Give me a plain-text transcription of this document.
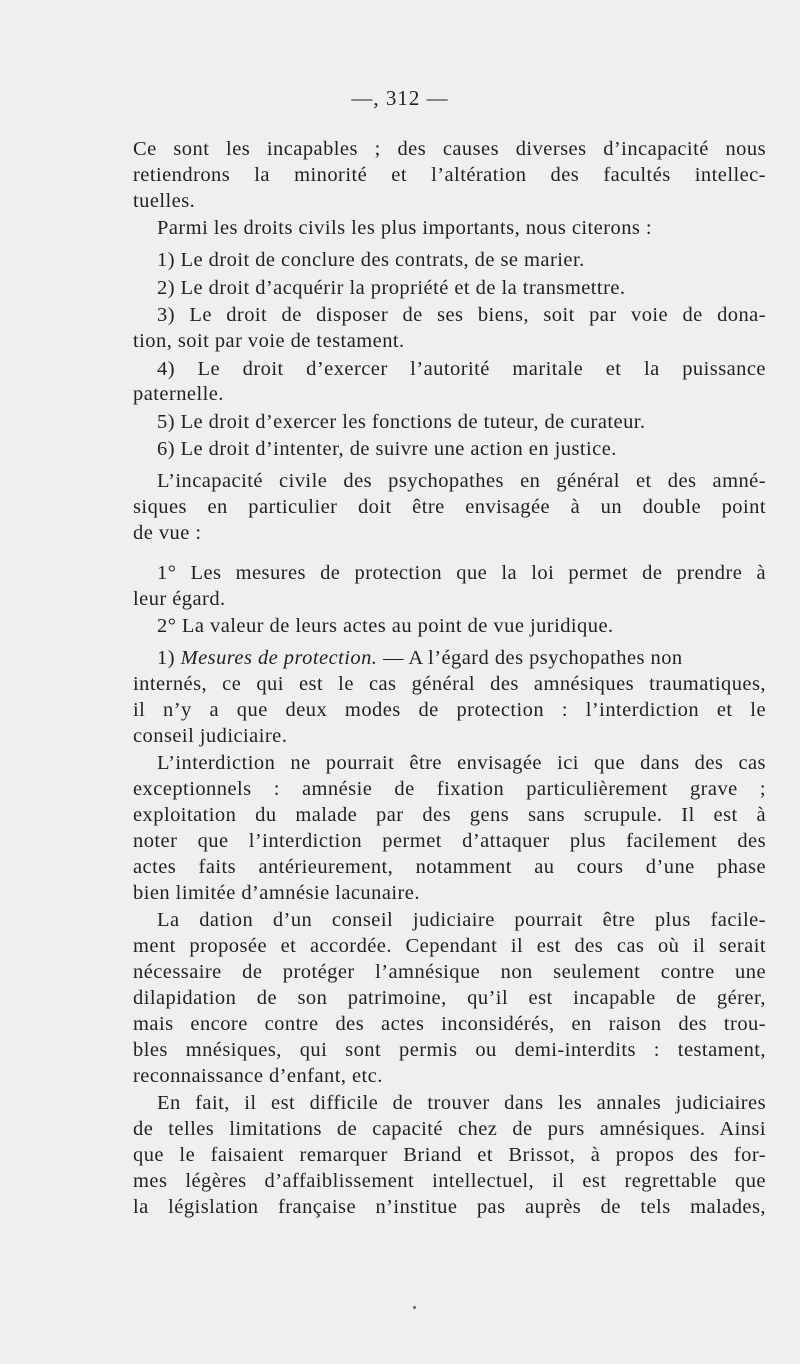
—, 312 —
Ce sont les incapables ; des causes diverses d’incapacité nous
retiendrons la minorité et l’altération des facultés intellec-
tuelles.
Parmi les droits civils les plus importants, nous citerons :
1) Le droit de conclure des contrats, de se marier.
2) Le droit d’acquérir la propriété et de la transmettre.
3) Le droit de disposer de ses biens, soit par voie de dona-
tion, soit par voie de testament.
4) Le droit d’exercer l’autorité maritale et la puissance
paternelle.
5) Le droit d’exercer les fonctions de tuteur, de curateur.
6) Le droit d’intenter, de suivre une action en justice.
L’incapacité civile des psychopathes en général et des amné-
siques en particulier doit être envisagée à un double point
de vue :
1° Les mesures de protection que la loi permet de prendre à
leur égard.
2° La valeur de leurs actes au point de vue juridique.
1) Mesures de protection. — A l’égard des psychopathes non
internés, ce qui est le cas général des amnésiques traumatiques,
il n’y a que deux modes de protection : l’interdiction et le
conseil judiciaire.
L’interdiction ne pourrait être envisagée ici que dans des cas
exceptionnels : amnésie de fixation particulièrement grave ;
exploitation du malade par des gens sans scrupule. Il est à
noter que l’interdiction permet d’attaquer plus facilement des
actes faits antérieurement, notamment au cours d’une phase
bien limitée d’amnésie lacunaire.
La dation d’un conseil judiciaire pourrait être plus facile-
ment proposée et accordée. Cependant il est des cas où il serait
nécessaire de protéger l’amnésique non seulement contre une
dilapidation de son patrimoine, qu’il est incapable de gérer,
mais encore contre des actes inconsidérés, en raison des trou-
bles mnésiques, qui sont permis ou demi-interdits : testament,
reconnaissance d’enfant, etc.
En fait, il est difficile de trouver dans les annales judiciaires
de telles limitations de capacité chez de purs amnésiques. Ainsi
que le faisaient remarquer Briand et Brissot, à propos des for-
mes légères d’affaiblissement intellectuel, il est regrettable que
la législation française n’institue pas auprès de tels malades,
